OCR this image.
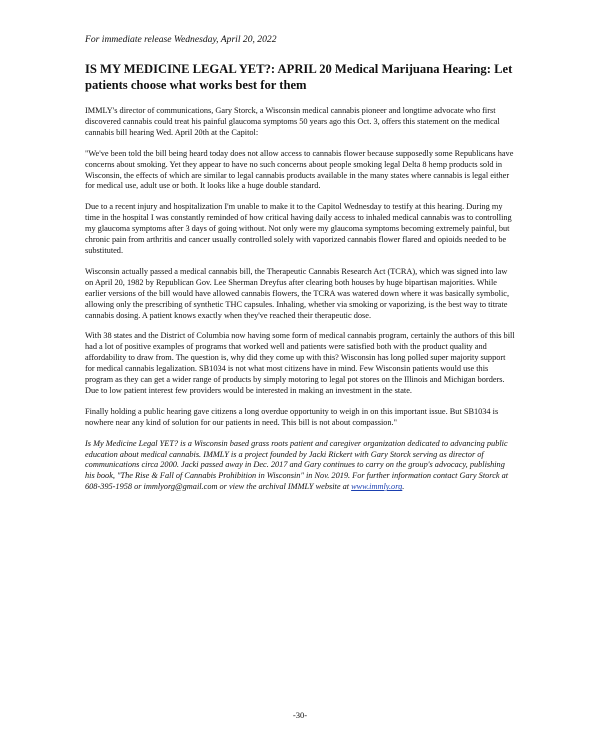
For immediate release Wednesday, April 20, 2022

IS MY MEDICINE LEGAL YET?: APRIL 20 Medical Marijuana Hearing: Let patients choose what works best for them

IMMLY's director of communications, Gary Storck, a Wisconsin medical cannabis pioneer and longtime advocate who first discovered cannabis could treat his painful glaucoma symptoms 50 years ago this Oct. 3, offers this statement on the medical cannabis bill hearing Wed. April 20th at the Capitol:

"We've been told the bill being heard today does not allow access to cannabis flower because supposedly some Republicans have concerns about smoking. Yet they appear to have no such concerns about people smoking legal Delta 8 hemp products sold in Wisconsin, the effects of which are similar to legal cannabis products available in the many states where cannabis is legal either for medical use, adult use or both. It looks like a huge double standard.

Due to a recent injury and hospitalization I'm unable to make it to the Capitol Wednesday to testify at this hearing. During my time in the hospital I was constantly reminded of how critical having daily access to inhaled medical cannabis was to controlling my glaucoma symptoms after 3 days of going without. Not only were my glaucoma symptoms becoming extremely painful, but chronic pain from arthritis and cancer usually controlled solely with vaporized cannabis flower flared and opioids needed to be substituted.

Wisconsin actually passed a medical cannabis bill, the Therapeutic Cannabis Research Act (TCRA), which was signed into law on April 20, 1982 by Republican Gov. Lee Sherman Dreyfus after clearing both houses by huge bipartisan majorities. While earlier versions of the bill would have allowed cannabis flowers, the TCRA was watered down where it was basically symbolic, allowing only the prescribing of synthetic THC capsules. Inhaling, whether via smoking or vaporizing, is the best way to titrate cannabis dosing. A patient knows exactly when they've reached their therapeutic dose.

With 38 states and the District of Columbia now having some form of medical cannabis program, certainly the authors of this bill had a lot of positive examples of programs that worked well and patients were satisfied both with the product quality and affordability to draw from. The question is, why did they come up with this? Wisconsin has long polled super majority support for medical cannabis legalization. SB1034 is not what most citizens have in mind. Few Wisconsin patients would use this program as they can get a wider range of products by simply motoring to legal pot stores on the Illinois and Michigan borders. Due to low patient interest few providers would be interested in making an investment in the state.

Finally holding a public hearing gave citizens a long overdue opportunity to weigh in on this important issue. But SB1034 is nowhere near any kind of solution for our patients in need. This bill is not about compassion."

Is My Medicine Legal YET? is a Wisconsin based grass roots patient and caregiver organization dedicated to advancing public education about medical cannabis. IMMLY is a project founded by Jacki Rickert with Gary Storck serving as director of communications circa 2000. Jacki passed away in Dec. 2017 and Gary continues to carry on the group's advocacy, publishing his book, "The Rise & Fall of Cannabis Prohibition in Wisconsin" in Nov. 2019. For further information contact Gary Storck at 608-395-1958 or immlyorg@gmail.com or view the archival IMMLY website at www.immly.org.

-30-
